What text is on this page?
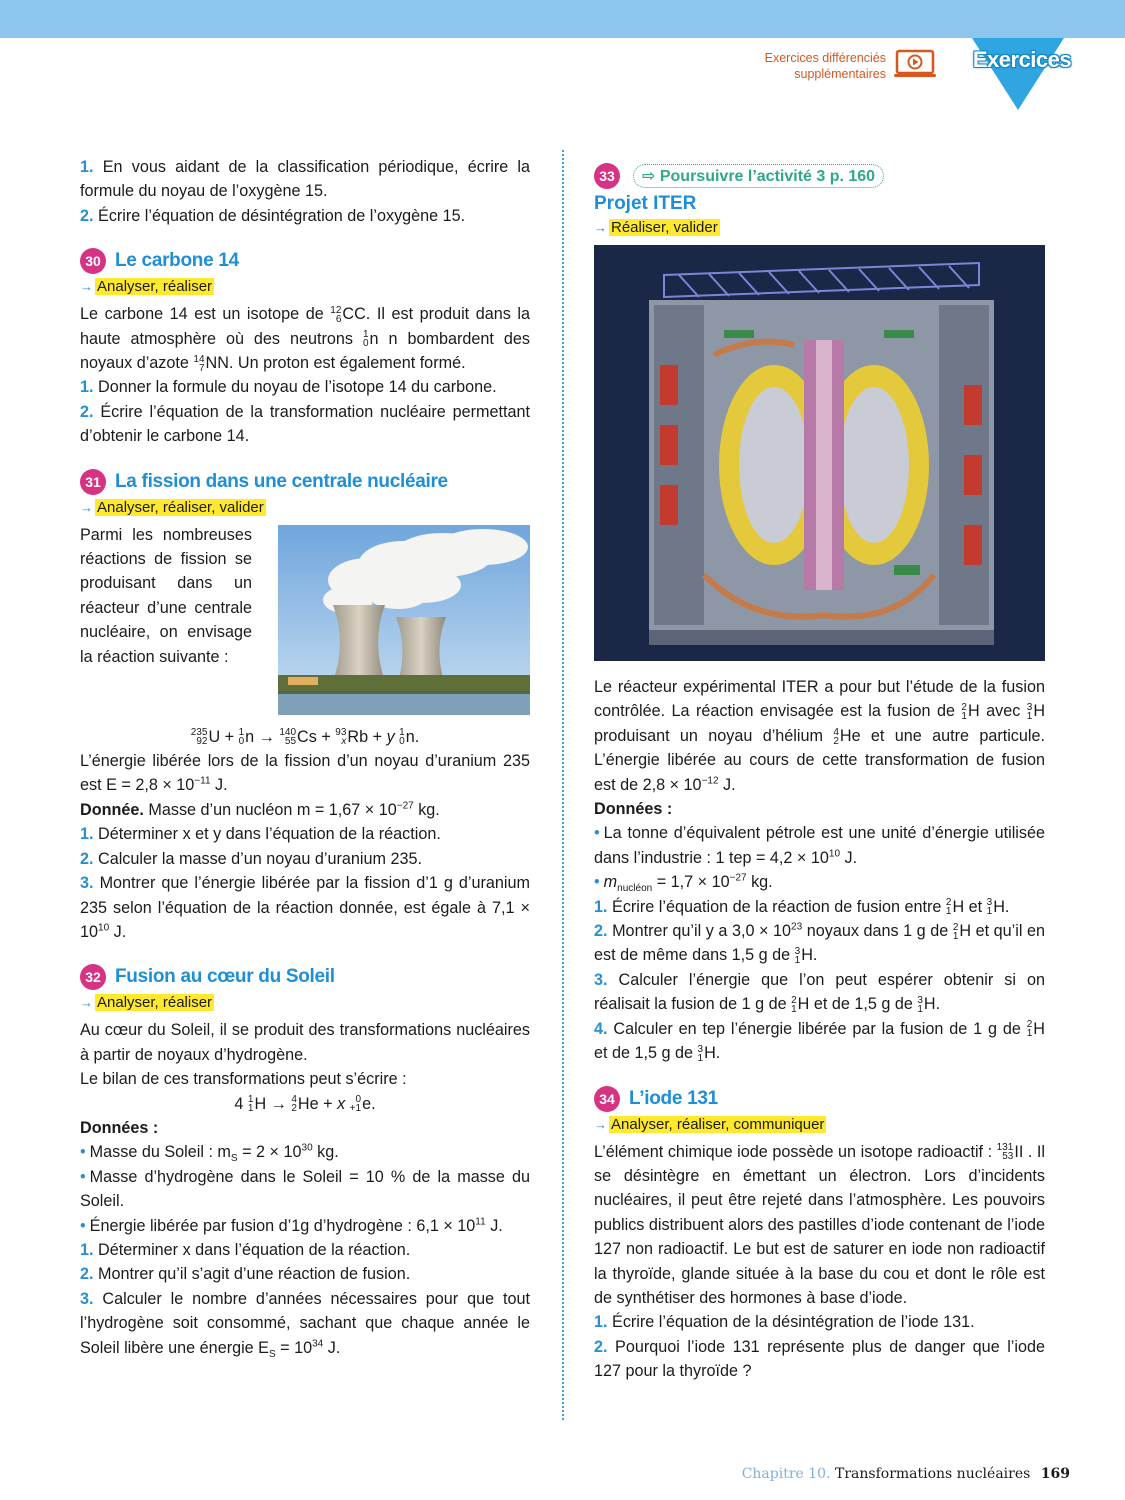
Exercices différenciés
supplémentaires
Exercices

1. En vous aidant de la classification périodique, écrire la formule du noyau de l’oxygène 15.

2. Écrire l’équation de désintégration de l’oxygène 15.

30 Le carbone 14
→ Analyser, réaliser

Le carbone 14 est un isotope de 12
6 CC. Il est produit dans la haute atmosphère où des neutrons 1
0 n n bombardent des noyaux d’azote 14
7 NN. Un proton est également formé.

1. Donner la formule du noyau de l’isotope 14 du carbone.

2. Écrire l’équation de la transformation nucléaire permettant d’obtenir le carbone 14.

31 La fission dans une centrale nucléaire
→ Analyser, réaliser, valider

Parmi les nombreuses réactions de fission se produisant dans un réacteur d’une centrale nucléaire, on envisage la réaction suivante :

235
92 U + 1
0 n → 140
55 Cs + 93
x Rb + y 1
0 n.

L’énergie libérée lors de la fission d’un noyau d’uranium 235 est $E = 2,8 \times 10^{-11}$ J.

Donnée. Masse d’un nucléon $m = 1,67 \times 10^{-27}$ kg.

1. Déterminer x et y dans l’équation de la réaction.

2. Calculer la masse d’un noyau d’uranium 235.

3. Montrer que l’énergie libérée par la fission d’1 g d’uranium 235 selon l’équation de la réaction donnée, est égale à $7,1 \times 10^{10}$ J.

32 Fusion au cœur du Soleil
→ Analyser, réaliser

Au cœur du Soleil, il se produit des transformations nucléaires à partir de noyaux d’hydrogène.

Le bilan de ces transformations peut s’écrire :

4 1
1 H → 4
2 He + x	0
+1 e.

Données :

• Masse du Soleil : $m_S = 2 \times 10^{30}$ kg.

• Masse d’hydrogène dans le Soleil = 10 % de la masse du Soleil.

• Énergie libérée par fusion d’1g d’hydrogène : $6,1 \times 10^{11}$ J.

1. Déterminer x dans l’équation de la réaction.

2. Montrer qu’il s’agit d’une réaction de fusion.

3. Calculer le nombre d’années nécessaires pour que tout l’hydrogène soit consommé, sachant que chaque année le Soleil libère une énergie $E_S = 10^{34}$ J.

33	⇨ Poursuivre l’activité 3 p. 160
Projet ITER
→ Réaliser, valider

Le réacteur expérimental ITER a pour but l’étude de la fusion contrôlée. La réaction envisagée est la fusion de 2
1 H avec 3
1 H produisant un noyau d’hélium 4
2 He et une autre particule. L’énergie libérée au cours de cette transformation de fusion est de $2,8 \times 10^{-12}$ J.

Données :

• La tonne d’équivalent pétrole est une unité d’énergie utilisée dans l’industrie : 1 tep = $4,2 \times 10^{10}$ J.

• $m_{nucléon} = 1,7 \times 10^{-27}$ kg.

1. Écrire l’équation de la réaction de fusion entre 2
1 H et 3
1 H.

2. Montrer qu’il y a $3,0 \times 10^{23}$ noyaux dans 1 g de 2
1 H et qu’il en est de même dans 1,5 g de 3
1 H.

3. Calculer l’énergie que l’on peut espérer obtenir si on réalisait la fusion de 1 g de 2
1 H et de 1,5 g de 3
1 H.

4. Calculer en tep l’énergie libérée par la fusion de 1 g de 2
1 H et de 1,5 g de 3
1 H.

34 L’iode 131
→ Analyser, réaliser, communiquer

L’élément chimique iode possède un isotope radioactif : 131
53 II . Il se désintègre en émettant un électron. Lors d’incidents nucléaires, il peut être rejeté dans l’atmosphère. Les pouvoirs publics distribuent alors des pastilles d’iode contenant de l’iode 127 non radioactif. Le but est de saturer en iode non radioactif la thyroïde, glande située à la base du cou et dont le rôle est de synthétiser des hormones à base d’iode.

1. Écrire l’équation de la désintégration de l’iode 131.

2. Pourquoi l’iode 131 représente plus de danger que l’iode 127 pour la thyroïde ?

Chapitre 10. Transformations nucléaires 169
